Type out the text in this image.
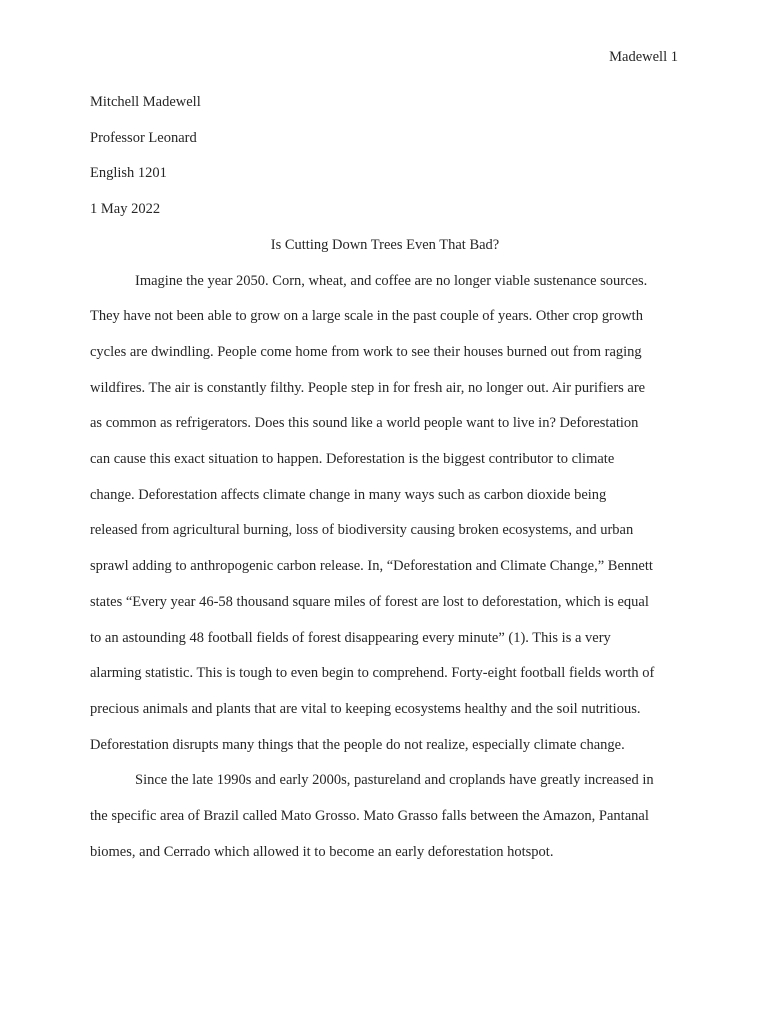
Madewell 1

Mitchell Madewell

Professor Leonard

English 1201

1 May 2022

Is Cutting Down Trees Even That Bad?

Imagine the year 2050. Corn, wheat, and coffee are no longer viable sustenance sources.
They have not been able to grow on a large scale in the past couple of years. Other crop growth
cycles are dwindling. People come home from work to see their houses burned out from raging
wildfires. The air is constantly filthy. People step in for fresh air, no longer out. Air purifiers are
as common as refrigerators. Does this sound like a world people want to live in? Deforestation
can cause this exact situation to happen. Deforestation is the biggest contributor to climate
change. Deforestation affects climate change in many ways such as carbon dioxide being
released from agricultural burning, loss of biodiversity causing broken ecosystems, and urban
sprawl adding to anthropogenic carbon release. In, “Deforestation and Climate Change,” Bennett
states “Every year 46-58 thousand square miles of forest are lost to deforestation, which is equal
to an astounding 48 football fields of forest disappearing every minute” (1). This is a very
alarming statistic. This is tough to even begin to comprehend. Forty-eight football fields worth of
precious animals and plants that are vital to keeping ecosystems healthy and the soil nutritious.
Deforestation disrupts many things that the people do not realize, especially climate change.

Since the late 1990s and early 2000s, pastureland and croplands have greatly increased in
the specific area of Brazil called Mato Grosso. Mato Grasso falls between the Amazon, Pantanal
biomes, and Cerrado which allowed it to become an early deforestation hotspot.
